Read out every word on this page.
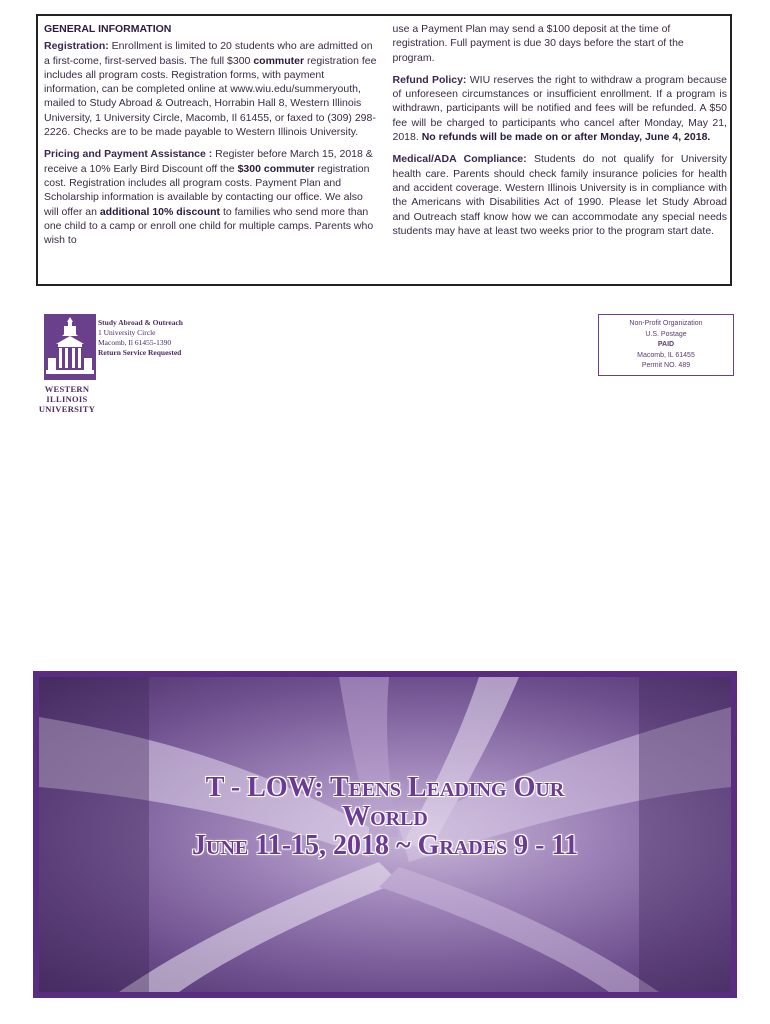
GENERAL INFORMATION

Registration: Enrollment is limited to 20 students who are admitted on a first-come, first-served basis. The full $300 commuter registration fee includes all program costs. Registration forms, with payment information, can be completed online at www.wiu.edu/summeryouth, mailed to Study Abroad & Outreach, Horrabin Hall 8, Western Illinois University, 1 University Circle, Macomb, Il 61455, or faxed to (309) 298-2226. Checks are to be made payable to Western Illinois University.

Pricing and Payment Assistance : Register before March 15, 2018 & receive a 10% Early Bird Discount off the $300 commuter registration cost. Registration includes all program costs. Payment Plan and Scholarship information is available by contacting our office. We also will offer an additional 10% discount to families who send more than one child to a camp or enroll one child for multiple camps. Parents who wish to

use a Payment Plan may send a $100 deposit at the time of registration. Full payment is due 30 days before the start of the program.

Refund Policy: WIU reserves the right to withdraw a program because of unforeseen circumstances or insufficient enrollment. If a program is withdrawn, participants will be notified and fees will be refunded. A $50 fee will be charged to participants who cancel after Monday, May 21, 2018. No refunds will be made on or after Monday, June 4, 2018.

Medical/ADA Compliance: Students do not qualify for University health care. Parents should check family insurance policies for health and accident coverage. Western Illinois University is in compliance with the Americans with Disabilities Act of 1990. Please let Study Abroad and Outreach staff know how we can accommodate any special needs students may have at least two weeks prior to the program start date.

WESTERN
ILLINOIS
UNIVERSITY
Study Abroad & Outreach
1 University Circle
Macomb, Il 61455-1390
Return Service Requested
Non-Profit Organization
U.S. Postage
PAID
Macomb, IL 61455
Permit NO. 489
T - LOW: Teens Leading Our
World
June 11-15, 2018 ~ Grades 9 - 11
